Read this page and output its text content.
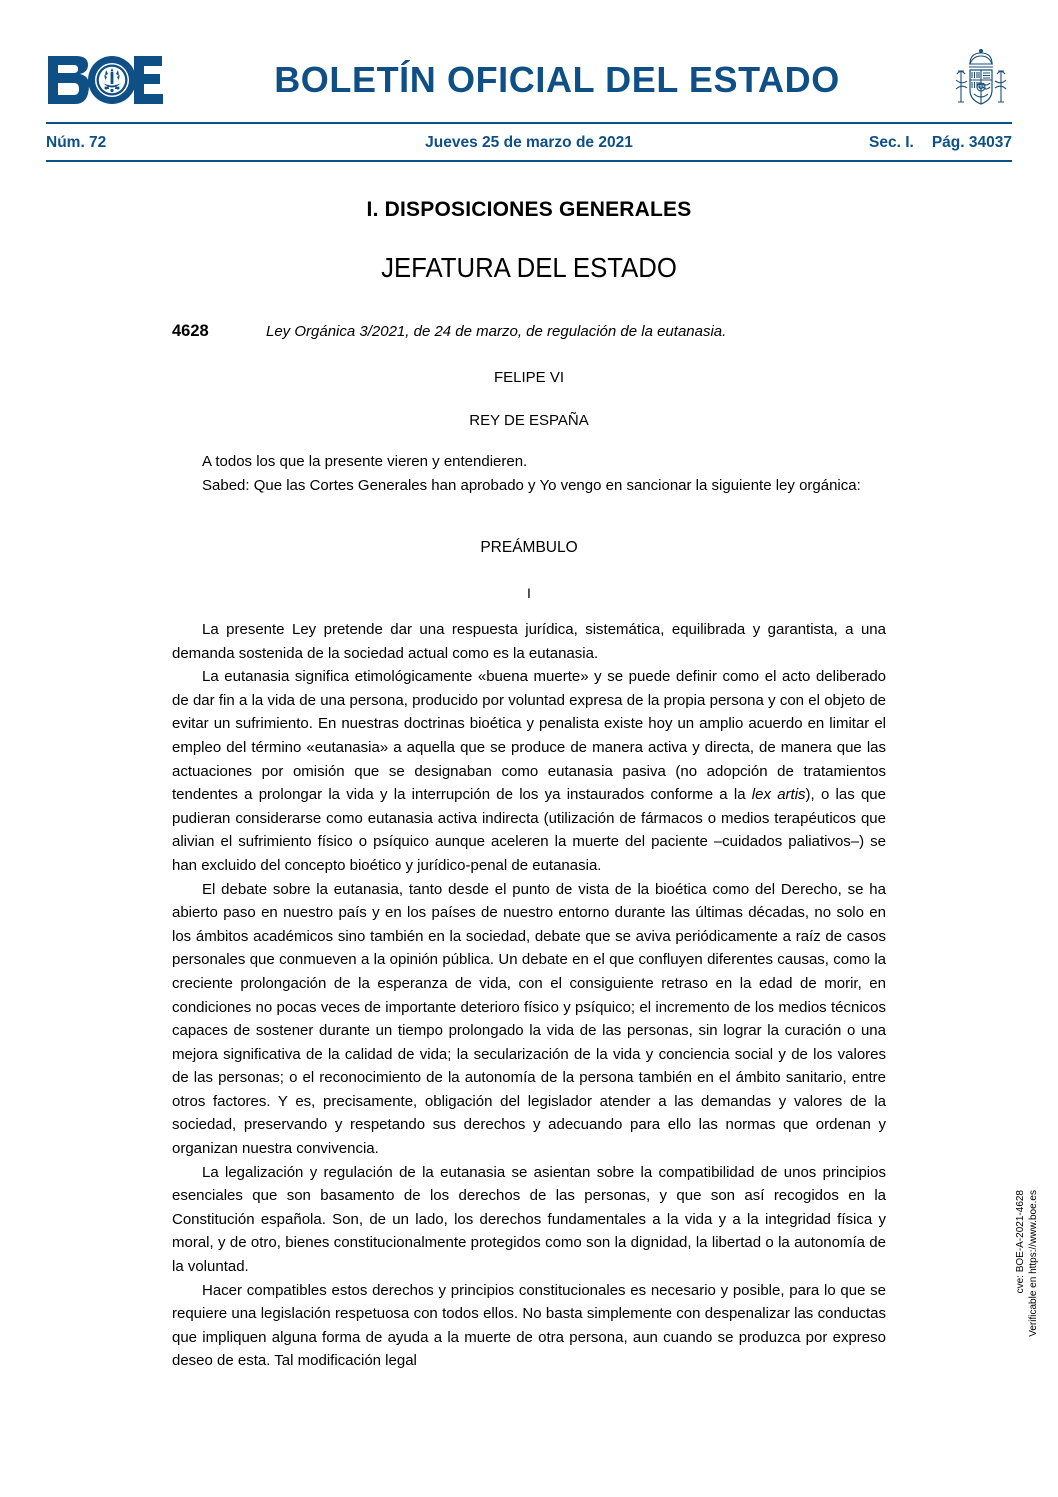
BOLETÍN OFICIAL DEL ESTADO
Núm. 72	Jueves 25 de marzo de 2021	Sec. I. Pág. 34037
I. DISPOSICIONES GENERALES
JEFATURA DEL ESTADO
4628	Ley Orgánica 3/2021, de 24 de marzo, de regulación de la eutanasia.
FELIPE VI
REY DE ESPAÑA

A todos los que la presente vieren y entendieren.

Sabed: Que las Cortes Generales han aprobado y Yo vengo en sancionar la siguiente ley orgánica:

PREÁMBULO
I

La presente Ley pretende dar una respuesta jurídica, sistemática, equilibrada y garantista, a una demanda sostenida de la sociedad actual como es la eutanasia.

La eutanasia significa etimológicamente «buena muerte» y se puede definir como el acto deliberado de dar fin a la vida de una persona, producido por voluntad expresa de la propia persona y con el objeto de evitar un sufrimiento. En nuestras doctrinas bioética y penalista existe hoy un amplio acuerdo en limitar el empleo del término «eutanasia» a aquella que se produce de manera activa y directa, de manera que las actuaciones por omisión que se designaban como eutanasia pasiva (no adopción de tratamientos tendentes a prolongar la vida y la interrupción de los ya instaurados conforme a la lex artis), o las que pudieran considerarse como eutanasia activa indirecta (utilización de fármacos o medios terapéuticos que alivian el sufrimiento físico o psíquico aunque aceleren la muerte del paciente –cuidados paliativos–) se han excluido del concepto bioético y jurídico-penal de eutanasia.

El debate sobre la eutanasia, tanto desde el punto de vista de la bioética como del Derecho, se ha abierto paso en nuestro país y en los países de nuestro entorno durante las últimas décadas, no solo en los ámbitos académicos sino también en la sociedad, debate que se aviva periódicamente a raíz de casos personales que conmueven a la opinión pública. Un debate en el que confluyen diferentes causas, como la creciente prolongación de la esperanza de vida, con el consiguiente retraso en la edad de morir, en condiciones no pocas veces de importante deterioro físico y psíquico; el incremento de los medios técnicos capaces de sostener durante un tiempo prolongado la vida de las personas, sin lograr la curación o una mejora significativa de la calidad de vida; la secularización de la vida y conciencia social y de los valores de las personas; o el reconocimiento de la autonomía de la persona también en el ámbito sanitario, entre otros factores. Y es, precisamente, obligación del legislador atender a las demandas y valores de la sociedad, preservando y respetando sus derechos y adecuando para ello las normas que ordenan y organizan nuestra convivencia.

La legalización y regulación de la eutanasia se asientan sobre la compatibilidad de unos principios esenciales que son basamento de los derechos de las personas, y que son así recogidos en la Constitución española. Son, de un lado, los derechos fundamentales a la vida y a la integridad física y moral, y de otro, bienes constitucionalmente protegidos como son la dignidad, la libertad o la autonomía de la voluntad.

Hacer compatibles estos derechos y principios constitucionales es necesario y posible, para lo que se requiere una legislación respetuosa con todos ellos. No basta simplemente con despenalizar las conductas que impliquen alguna forma de ayuda a la muerte de otra persona, aun cuando se produzca por expreso deseo de esta. Tal modificación legal

cve: BOE-A-2021-4628 Verificable en https://www.boe.es
